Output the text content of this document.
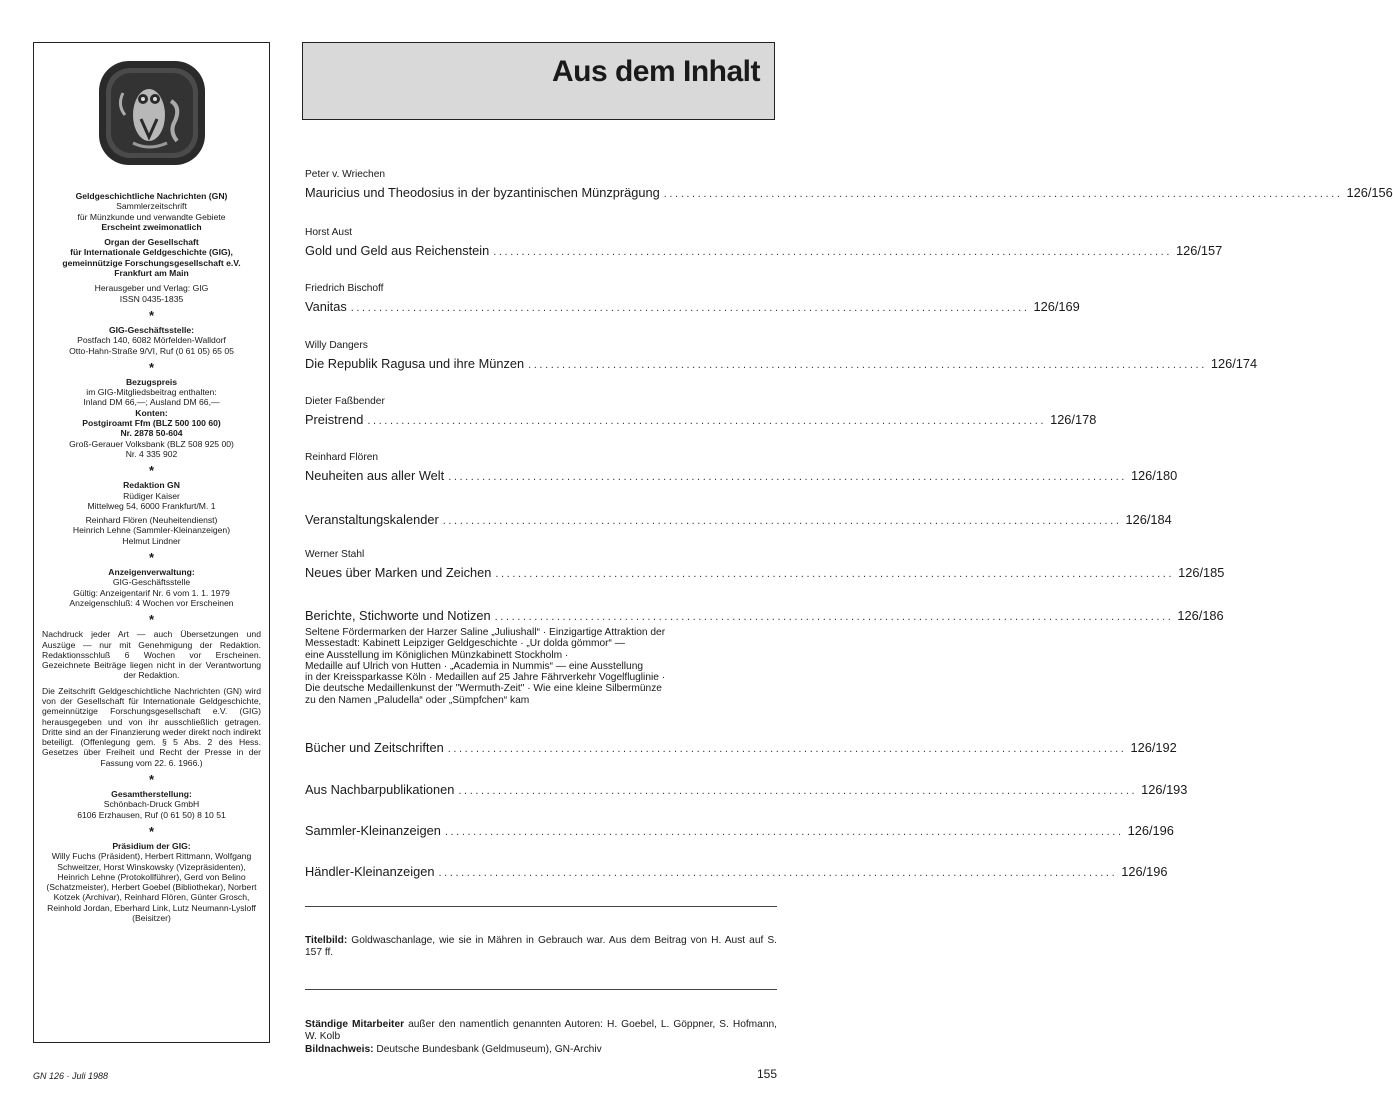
Geldgeschichtliche Nachrichten (GN)
Sammlerzeitschrift
für Münzkunde und verwandte Gebiete
Erscheint zweimonatlich
Organ der Gesellschaft
für Internationale Geldgeschichte (GIG),
gemeinnützige Forschungsgesellschaft e.V.
Frankfurt am Main
Herausgeber und Verlag: GIG
ISSN 0435-1835
*
GIG-Geschäftsstelle:
Postfach 140, 6082 Mörfelden-Walldorf
Otto-Hahn-Straße 9/VI, Ruf (0 61 05) 65 05
*
Bezugspreis
im GIG-Mitgliedsbeitrag enthalten:
Inland DM 66,—; Ausland DM 66,—
Konten:
Postgiroamt Ffm (BLZ 500 100 60)
Nr. 2878 50-604
Groß-Gerauer Volksbank (BLZ 508 925 00)
Nr. 4 335 902
*
Redaktion GN
Rüdiger Kaiser
Mittelweg 54, 6000 Frankfurt/M. 1
Reinhard Flören (Neuheitendienst)
Heinrich Lehne (Sammler-Kleinanzeigen)
Helmut Lindner
*
Anzeigenverwaltung:
GIG-Geschäftsstelle
Gültig: Anzeigentarif Nr. 6 vom 1. 1. 1979
Anzeigenschluß: 4 Wochen vor Erscheinen
*
Nachdruck jeder Art — auch Übersetzungen und Auszüge — nur mit Genehmigung der Redaktion. Redaktionsschluß 6 Wochen vor Erscheinen. Gezeichnete Beiträge liegen nicht in der Verantwortung der Redaktion.
Die Zeitschrift Geldgeschichtliche Nachrichten (GN) wird von der Gesellschaft für Internationale Geldgeschichte, gemeinnützige Forschungsgesellschaft e.V. (GIG) herausgegeben und von ihr ausschließlich getragen. Dritte sind an der Finanzierung weder direkt noch indirekt beteiligt. (Offenlegung gem. § 5 Abs. 2 des Hess. Gesetzes über Freiheit und Recht der Presse in der Fassung vom 22. 6. 1966.)
*
Gesamtherstellung:
Schönbach-Druck GmbH
6106 Erzhausen, Ruf (0 61 50) 8 10 51
*
Präsidium der GIG:
Willy Fuchs (Präsident), Herbert Rittmann, Wolfgang Schweitzer, Horst Winskowsky (Vizepräsidenten), Heinrich Lehne (Protokollführer), Gerd von Belino (Schatzmeister), Herbert Goebel (Bibliothekar), Norbert Kotzek (Archivar), Reinhard Flören, Günter Grosch, Reinhold Jordan, Eberhard Link, Lutz Neumann-Lysloff (Beisitzer)
Aus dem Inhalt
Peter v. Wriechen
Mauricius und Theodosius in der byzantinischen Münzprägung ........................................................................................................................ 126/156
Horst Aust
Gold und Geld aus Reichenstein ........................................................................................................................ 126/157
Friedrich Bischoff
Vanitas ........................................................................................................................ 126/169
Willy Dangers
Die Republik Ragusa und ihre Münzen ........................................................................................................................ 126/174
Dieter Faßbender
Preistrend ........................................................................................................................ 126/178
Reinhard Flören
Neuheiten aus aller Welt ........................................................................................................................ 126/180
Veranstaltungskalender ........................................................................................................................ 126/184
Werner Stahl
Neues über Marken und Zeichen ........................................................................................................................ 126/185
Berichte, Stichworte und Notizen ........................................................................................................................ 126/186
Seltene Fördermarken der Harzer Saline „Juliushall“ · Einzigartige Attraktion der
Messestadt: Kabinett Leipziger Geldgeschichte · „Ur dolda gömmor“ —
eine Ausstellung im Königlichen Münzkabinett Stockholm ·
Medaille auf Ulrich von Hutten · „Academia in Nummis“ — eine Ausstellung
in der Kreissparkasse Köln · Medaillen auf 25 Jahre Fährverkehr Vogelfluglinie ·
Die deutsche Medaillenkunst der "Wermuth-Zeit" · Wie eine kleine Silbermünze
zu den Namen „Paludella“ oder „Sümpfchen“ kam
Bücher und Zeitschriften ........................................................................................................................ 126/192
Aus Nachbarpublikationen ........................................................................................................................ 126/193
Sammler-Kleinanzeigen ........................................................................................................................ 126/196
Händler-Kleinanzeigen ........................................................................................................................ 126/196
Titelbild: Goldwaschanlage, wie sie in Mähren in Gebrauch war. Aus dem Beitrag von H. Aust auf S. 157 ff.
Ständige Mitarbeiter außer den namentlich genannten Autoren: H. Goebel, L. Göppner, S. Hofmann, W. Kolb
Bildnachweis: Deutsche Bundesbank (Geldmuseum), GN-Archiv
GN 126 · Juli 1988	155
